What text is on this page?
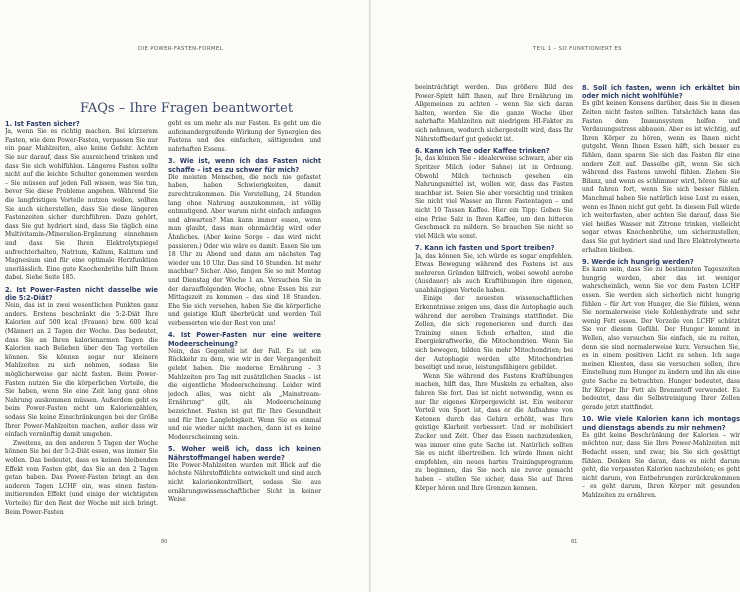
DIE POWER-FASTEN-FORMEL
FAQs – Ihre Fragen beantwortet
1. Ist Fasten sicher?

Ja, wenn Sie es richtig machen. Bei kürzerem Fasten, wie dem Power-Fasten, verpassen Sie nur ein paar Mahlzeiten, also keine Gefahr. Achten Sie nur darauf, dass Sie ausreichend trinken und dass Sie sich wohlfühlen. Längeres Fasten sollte nicht auf die leichte Schulter genommen werden – Sie müssen auf jeden Fall wissen, was Sie tun, bevor Sie diese Probleme angehen. Während Sie die langfristigen Vorteile nutzen wollen, sollten Sie auch sicherstellen, dass Sie diese längeren Fastenzeiten sicher durchführen. Dazu gehört, dass Sie gut hydriert sind, dass Sie täglich eine Multivitamin-/Mineralien-Ergänzung einnehmen und dass Sie Ihren Elektrolytspiegel aufrechterhalten, Natrium, Kalium, Kalzium und Magnesium sind für eine optimale Herzfunktion unerlässlich. Eine gute Knochenbrühe hilft Ihnen dabei. Siehe Seite 185.

2. Ist Power-Fasten nicht dasselbe wie die 5:2-Diät?

Nein, das ist in zwei wesentlichen Punkten ganz anders. Erstens beschränkt die 5:2-Diät Ihre Kalorien auf 500 kcal (Frauen) bzw. 600 kcal (Männer) an 2 Tagen der Woche. Das bedeutet, dass Sie an Ihren kalorienarmen Tagen die Kalorien nach Belieben über den Tag verteilen können. Sie können sogar nur kleinere Mahlzeiten zu sich nehmen, sodass Sie möglicherweise gar nicht fasten. Beim Power-Fasten nutzen Sie die körperlichen Vorteile, die Sie haben, wenn Sie eine Zeit lang ganz ohne Nahrung auskommen müssen. Außerdem geht es beim Power-Fasten nicht um Kalorienzählen, sodass Sie keine Einschränkungen bei der Größe Ihrer Power-Mahlzeiten machen, außer dass wir einfach vernünftig damit umgehen.

Zweitens, an den anderen 5 Tagen der Woche können Sie bei der 5:2-Diät essen, was immer Sie wollen. Das bedeutet, dass es keinen bleibenden Effekt vom Fasten gibt, das Sie an den 2 Tagen getan haben. Das Power-Fasten bringt an den anderen Tagen LCHF ein, was einen fasten-imitierenden Effekt (und einige der wichtigsten Vorteile) für den Rest der Woche mit sich bringt. Beim Power-Fasten

geht es um mehr als nur Fasten. Es geht um die aufeinandergreifende Wirkung der Synergien des Fastens und des einfachen, sättigenden und nahrhaften Essens.

3. Wie ist, wenn ich das Fasten nicht schaffe – ist es zu schwer für mich?

Die meisten Menschen, die noch nie gefastet haben, haben Schwierigkeiten, damit zurechtzukommen. Die Vorstellung, 24 Stunden lang ohne Nahrung auszukommen, ist völlig entmutigend. Aber warum nicht einfach anfangen und abwarten? Man kann immer essen, wenn man glaubt, dass man ohnmächtig wird oder Ähnliches. (Aber keine Sorge – das wird nicht passieren.) Oder wie wäre es damit: Essen Sie um 18 Uhr zu Abend und dann am nächsten Tag wieder um 10 Uhr. Das sind 16 Stunden. Ist mehr machbar? Sicher. Also, fangen Sie so mit Montag und Dienstag der Woche 1 an. Versuchen Sie in der darauffolgenden Woche, ohne Essen bis zur Mittagszeit zu kommen – das sind 18 Stunden. Ehe Sie sich versehen, haben Sie die körperliche und geistige Kluft überbrückt und werden Teil verbesserten wie der Rest von uns!

4. Ist Power-Fasten nur eine weitere Modeerscheinung?

Nein, das Gegenteil ist der Fall. Es ist ein Rückkehr zu dem, wie wir in der Vergangenheit gelebt haben. Die moderne Ernährung – 3 Mahlzeiten pro Tag mit zusätzlichen Snacks – ist die eigentliche Modeerscheinung. Leider wird jedoch alles, was nicht als „Mainstream-Ernährung“ gilt, als Modeerscheinung bezeichnet. Fasten ist gut für Ihre Gesundheit und für Ihre Langlebigkeit. Wenn Sie es einmal und nie wieder nicht machen, dann ist es keine Modeerscheinung sein.

5. Woher weiß ich, dass ich keinen Nährstoffmangel haben werde?

Die Power-Mahlzeiten wurden mit Blick auf die höchste Nährstoffdichte entwickelt und sind auch nicht kalorienkontrolliert, sodass Sie aus ernährungswissenschaftlicher Sicht in keiner Weise

80
TEIL 1 – SO FUNKTIONIERT ES

beeinträchtigt werden. Das größere Bild des Power-Spirit hilft Ihnen, auf Ihre Ernährung im Allgemeinen zu achten – wenn Sie sich daran halten, werden Sie die ganze Woche über nahrhafte Mahlzeiten mit niedrigem HI-Faktor zu sich nehmen, wodurch sichergestellt wird, dass Ihr Nährstoffbedarf gut gedeckt ist.

6. Kann ich Tee oder Kaffee trinken?

Ja, das können Sie – idealerweise schwarz, aber ein Spritzer Milch (oder Sahne) ist in Ordnung. Obwohl Milch technisch gesehen ein Nahrungsmittel ist, wollen wir, dass das Fasten machbar ist. Seien Sie aber vorsichtig und trinken Sie nicht viel Wasser an Ihren Fastentagen – und nicht 10 Tassen Kaffee. Hier ein Tipp: Geben Sie eine Prise Salz in Ihren Kaffee, um den bitteren Geschmack zu mildern. So brauchen Sie nicht so viel Milch wie sonst.

7. Kann ich fasten und Sport treiben?

Ja, das können Sie, ich würde es sogar empfehlen. Etwas Bewegung während des Fastens ist aus mehreren Gründen hilfreich, wobei sowohl aerobe (Ausdauer) als auch Kraftübungen ihre eigenen, unabhängigen Vorteile haben.

Einige der neuesten wissenschaftlichen Erkenntnisse zeigen uns, dass die Autophagie auch während der aeroben Trainings stattfindet. Die Zellen, die sich regenerieren und durch das Training einen Schub erhalten, sind die Energiekraftwerke, die Mitochondrien. Wenn Sie sich bewegen, bilden Sie mehr Mitochondrien; bei der Autophagie werden alte Mitochondrien beseitigt und neue, leistungsfähigere gebildet.

Wenn Sie während des Fastens Kraftübungen machen, hilft das, Ihre Muskeln zu erhalten, also fahren Sie fort. Das ist nicht notwendig, wenn es nur Ihr eigenes Körpergewicht ist. Ein weiterer Vorteil von Sport ist, dass er die Aufnahme von Ketonen durch das Gehirn erhöht, was Ihre geistige Klarheit verbessert. Und er mobilisiert Zucker und Zeit. Über das Essen nachzudenken, was immer eine gute Sache ist. Natürlich sollten Sie es nicht übertreiben. Ich würde Ihnen nicht empfehlen, ein neues hartes Trainingsprogramm zu beginnen, das Sie noch nie zuvor gemacht haben – stellen Sie sicher, dass Sie auf Ihren Körper hören und Ihre Grenzen kennen.

8. Soll ich fasten, wenn ich erkältet bin oder mich nicht wohlfühle?

Es gibt keinen Konsens darüber, dass Sie in diesen Zeiten nicht fasten sollten. Tatsächlich kann das Fasten dem Immunsystem helfen und Verdauungsstress abbauen. Aber es ist wichtig, auf Ihren Körper zu hören, wenn es Ihnen nicht gutgeht. Wenn Ihnen Essen hilft, sich besser zu fühlen, dann sparen Sie sich das Fasten für eine andere Zeit auf. Dasselbe gilt, wenn Sie sich während des Fastens unwohl fühlen. Ziehen Sie Bilanz, und wenn es schlimmer wird, hören Sie auf und fahren fort, wenn Sie sich besser fühlen. Manchmal haben Sie natürlich leise Lust zu essen, wenn es Ihnen nicht gut geht. In diesem Fall würde ich weiterfasten, aber achten Sie darauf, dass Sie viel heißes Wasser mit Zitrone trinken, vielleicht sogar etwas Knochenbrühe, um sicherzustellen, dass Sie gut hydriert sind und Ihre Elektrolytwerte erhalten bleiben.

9. Werde ich hungrig werden?

Es kann sein, dass Sie zu bestimmten Tageszeiten hungrig werden, aber das ist weniger wahrscheinlich, wenn Sie vor dem Fasten LCHF essen. Sie werden sich sicherlich nicht hungrig fühlen – für Art von Hunger, die Sie fühlen, wenn Sie normalerweise viele Kohlenhydrate und sehr wenig Fett essen. Der Vorzeile von LCHF schützt Sie vor diesem Gefühl. Der Hunger kommt in Wellen, also versuchen Sie einfach, sie zu reiten, denn sie sind normalerweise kurz. Versuchen Sie, es in einem positiven Licht zu sehen. Ich sage meinen Klienten, dass sie versuchen sollen, ihre Einstellung zum Hunger zu ändern und ihn als eine gute Sache zu betrachten. Hunger bedeutet, dass Ihr Körper Ihr Fett als Brennstoff verwendet. Es bedeutet, dass die Selbstreinigung Ihrer Zellen gerade jetzt stattfindet.

10. Wie viele Kalorien kann ich montags und dienstags abends zu mir nehmen?

Es gibt keine Beschränkung der Kalorien – wir möchten nur, dass Sie Ihre Power-Mahlzeiten mit Bedacht essen, und zwar, bis Sie sich gesättigt fühlen. Denken Sie daran, dass es nicht darum geht, die verpassten Kalorien nachzuholen; es geht nicht darum, von Entbehrungen zurückzukommen – es geht darum, Ihren Körper mit gesunden Mahlzeiten zu ernähren.

81
